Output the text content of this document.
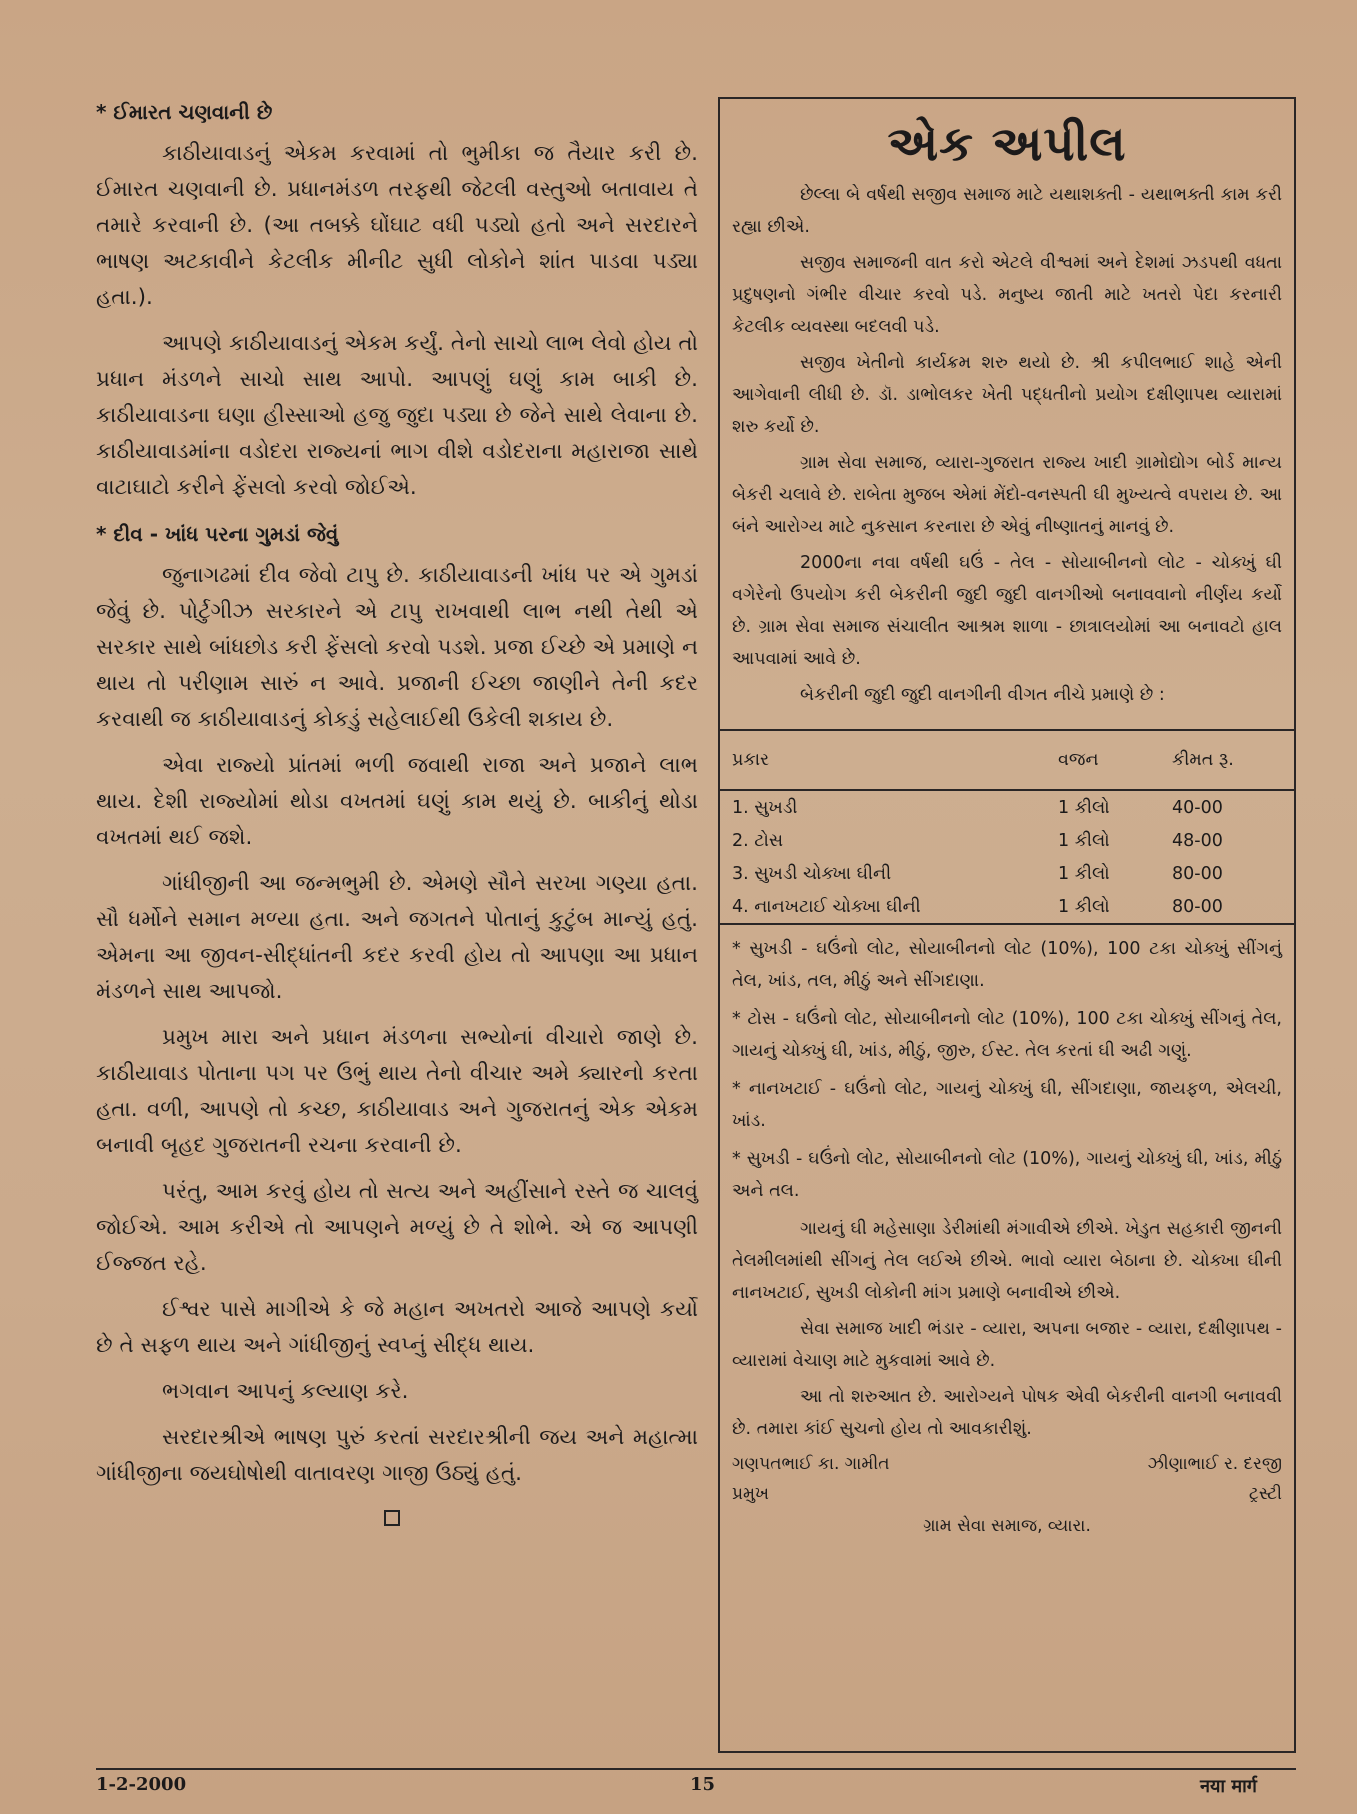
* ઈમારત ચણવાની છે

કાઠીયાવાડનું એકમ કરવામાં તો ભુમીકા જ તૈયાર કરી છે. ઈમારત ચણવાની છે. પ્રધાનમંડળ તરફથી જેટલી વસ્તુઓ બતાવાય તે તમારે કરવાની છે. (આ તબક્કે ઘોંઘાટ વધી પડ્યો હતો અને સરદારને ભાષણ અટકાવીને કેટલીક મીનીટ સુધી લોકોને શાંત પાડવા પડ્યા હતા.).

આપણે કાઠીયાવાડનું એકમ કર્યું. તેનો સાચો લાભ લેવો હોય તો પ્રધાન મંડળને સાચો સાથ આપો. આપણું ઘણું કામ બાકી છે. કાઠીયાવાડના ઘણા હીસ્સાઓ હજુ જુદા પડ્યા છે જેને સાથે લેવાના છે. કાઠીયાવાડમાંના વડોદરા રાજ્યનાં ભાગ વીશે વડોદરાના મહારાજા સાથે વાટાઘાટો કરીને ફેંસલો કરવો જોઈએ.

* દીવ - ખાંધ પરના ગુમડાં જેવું

જુનાગઢમાં દીવ જેવો ટાપુ છે. કાઠીયાવાડની ખાંધ પર એ ગુમડાં જેવું છે. પોર્ટુગીઝ સરકારને એ ટાપુ રાખવાથી લાભ નથી તેથી એ સરકાર સાથે બાંધછોડ કરી ફેંસલો કરવો પડશે. પ્રજા ઈચ્છે એ પ્રમાણે ન થાય તો પરીણામ સારું ન આવે. પ્રજાની ઈચ્છા જાણીને તેની કદર કરવાથી જ કાઠીયાવાડનું કોકડું સહેલાઈથી ઉકેલી શકાય છે.

એવા રાજ્યો પ્રાંતમાં ભળી જવાથી રાજા અને પ્રજાને લાભ થાય. દેશી રાજ્યોમાં થોડા વખતમાં ઘણું કામ થયું છે. બાકીનું થોડા વખતમાં થઈ જશે.

ગાંધીજીની આ જન્મભુમી છે. એમણે સૌને સરખા ગણ્યા હતા. સૌ ધર્મોને સમાન મળ્યા હતા. અને જગતને પોતાનું કુટુંબ માન્યું હતું. એમના આ જીવન-સીદ્ધાંતની કદર કરવી હોય તો આપણા આ પ્રધાન મંડળને સાથ આપજો.

પ્રમુખ મારા અને પ્રધાન મંડળના સભ્યોનાં વીચારો જાણે છે. કાઠીયાવાડ પોતાના પગ પર ઉભું થાય તેનો વીચાર અમે ક્યારનો કરતા હતા. વળી, આપણે તો કચ્છ, કાઠીયાવાડ અને ગુજરાતનું એક એકમ બનાવી બૃહદ ગુજરાતની રચના કરવાની છે.

પરંતુ, આમ કરવું હોય તો સત્ય અને અહીંસાને રસ્તે જ ચાલવું જોઈએ. આમ કરીએ તો આપણને મળ્યું છે તે શોભે. એ જ આપણી ઈજ્જત રહે.

ઈશ્વર પાસે માગીએ કે જે મહાન અખતરો આજે આપણે કર્યો છે તે સફળ થાય અને ગાંધીજીનું સ્વપ્નું સીદ્ધ થાય.

ભગવાન આપનું કલ્યાણ કરે.

સરદારશ્રીએ ભાષણ પુરું કરતાં સરદારશ્રીની જય અને મહાત્મા ગાંધીજીના જયઘોષોથી વાતાવરણ ગાજી ઉઠ્યું હતું.

એક અપીલ

છેલ્લા બે વર્ષથી સજીવ સમાજ માટે યથાશક્તી - યથાભક્તી કામ કરી રહ્યા છીએ.

સજીવ સમાજની વાત કરો એટલે વીશ્વમાં અને દેશમાં ઝડપથી વધતા પ્રદુષણનો ગંભીર વીચાર કરવો પડે. મનુષ્ય જાતી માટે ખતરો પેદા કરનારી કેટલીક વ્યવસ્થા બદલવી પડે.

સજીવ ખેતીનો કાર્યક્રમ શરુ થયો છે. શ્રી કપીલભાઈ શાહે એની આગેવાની લીધી છે. ડૉ. ડાભોલકર ખેતી પદ્ધતીનો પ્રયોગ દક્ષીણાપથ વ્યારામાં શરુ કર્યો છે.

ગ્રામ સેવા સમાજ, વ્યારા-ગુજરાત રાજ્ય ખાદી ગ્રામોદ્યોગ બોર્ડ માન્ય બેકરી ચલાવે છે. રાબેતા મુજબ એમાં મેંદો-વનસ્પતી ઘી મુખ્યત્વે વપરાય છે. આ બંને આરોગ્ય માટે નુકસાન કરનારા છે એવું નીષ્ણાતનું માનવું છે.

2000ના નવા વર્ષથી ઘઉં - તેલ - સોયાબીનનો લોટ - ચોક્ખું ઘી વગેરેનો ઉપયોગ કરી બેકરીની જુદી જુદી વાનગીઓ બનાવવાનો નીર્ણય કર્યો છે. ગ્રામ સેવા સમાજ સંચાલીત આશ્રમ શાળા - છાત્રાલયોમાં આ બનાવટો હાલ આપવામાં આવે છે.

બેકરીની જુદી જુદી વાનગીની વીગત નીચે પ્રમાણે છે :

પ્રકાર	વજન	કીમત રૂ.
1. સુખડી	1 કીલો	40-00
2. ટોસ	1 કીલો	48-00
3. સુખડી ચોક્ખા ઘીની	1 કીલો	80-00
4. નાનખટાઈ ચોક્ખા ઘીની	1 કીલો	80-00
* સુખડી - ઘઉંનો લોટ, સોયાબીનનો લોટ (10%), 100 ટકા ચોક્ખું સીંગનું તેલ, ખાંડ, તલ, મીઠું અને સીંગદાણા.
* ટોસ - ઘઉંનો લોટ, સોયાબીનનો લોટ (10%), 100 ટકા ચોક્ખું સીંગનું તેલ, ગાયનું ચોક્ખું ઘી, ખાંડ, મીઠું, જીરુ, ઈસ્ટ. તેલ કરતાં ઘી અઢી ગણું.
* નાનખટાઈ - ઘઉંનો લોટ, ગાયનું ચોક્ખું ઘી, સીંગદાણા, જાયફળ, એલચી, ખાંડ.
* સુખડી - ઘઉંનો લોટ, સોયાબીનનો લોટ (10%), ગાયનું ચોક્ખું ઘી, ખાંડ, મીઠું અને તલ.

ગાયનું ઘી મહેસાણા ડેરીમાંથી મંગાવીએ છીએ. ખેડુત સહકારી જીનની તેલમીલમાંથી સીંગનું તેલ લઈએ છીએ. ભાવો વ્યારા બેઠાના છે. ચોક્ખા ઘીની નાનખટાઈ, સુખડી લોકોની માંગ પ્રમાણે બનાવીએ છીએ.

સેવા સમાજ ખાદી ભંડાર - વ્યારા, અપના બજાર - વ્યારા, દક્ષીણાપથ - વ્યારામાં વેચાણ માટે મુકવામાં આવે છે.

આ તો શરુઆત છે. આરોગ્યને પોષક એવી બેકરીની વાનગી બનાવવી છે. તમારા કાંઈ સુચનો હોય તો આવકારીશું.

ગણપતભાઈ કા. ગામીત	ઝીણાભાઈ ર. દરજી
પ્રમુખ	ટ્રસ્ટી
ગ્રામ સેવા સમાજ, વ્યારા.
1-2-2000	15	नया मार्ग
